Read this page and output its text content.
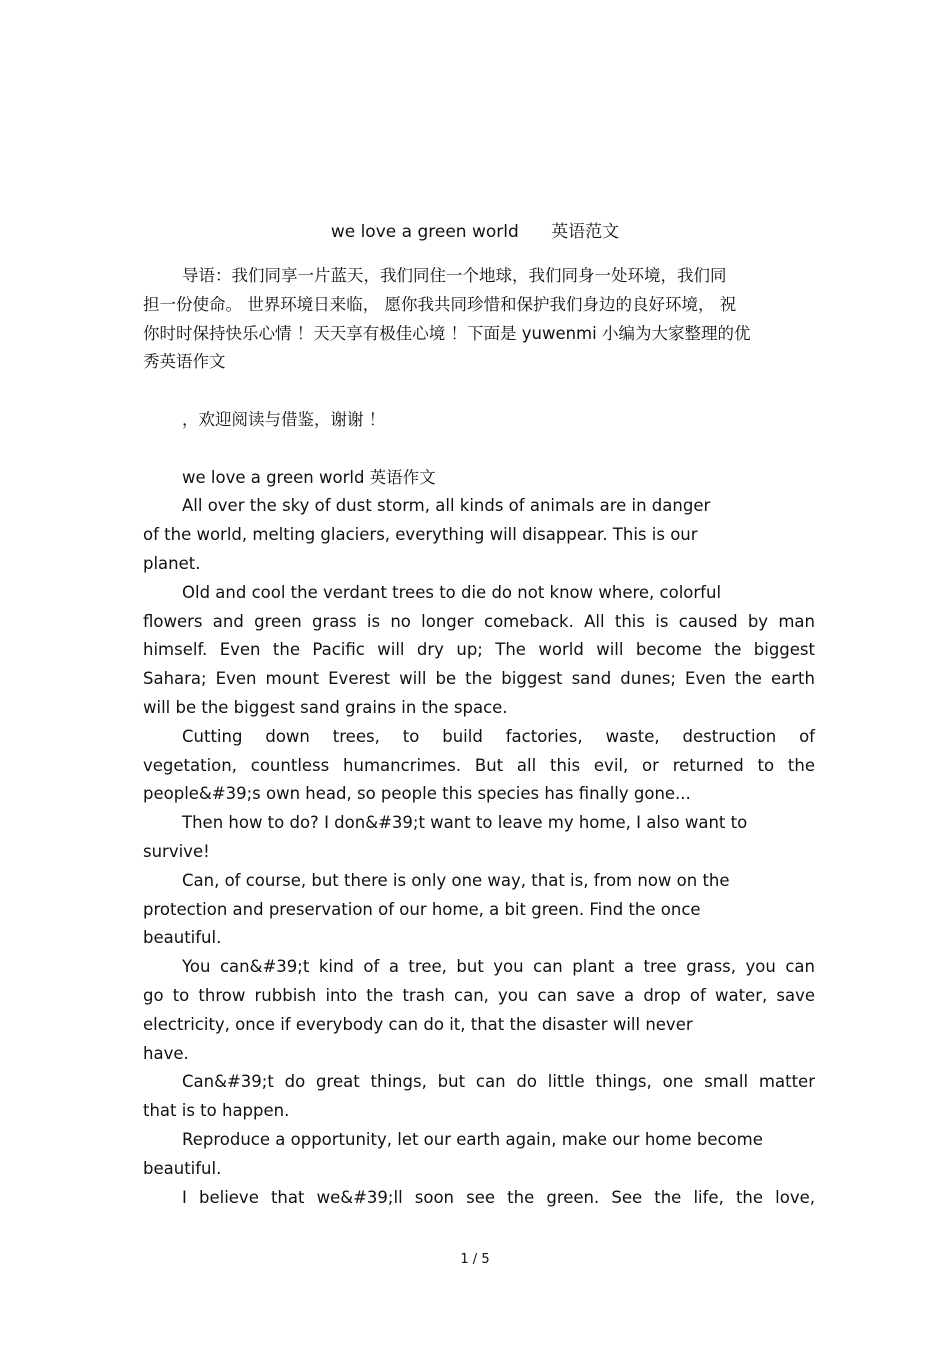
we love a green world      英语范文
导语：我们同享一片蓝天，我们同住一个地球，我们同身一处环境，我们同
担一份使命。 世界环境日来临， 愿你我共同珍惜和保护我们身边的良好环境， 祝
你时时保持快乐心情 ！天天享有极佳心境 ！下面是 yuwenmi 小编为大家整理的优
秀英语作文
，欢迎阅读与借鉴，谢谢 ！
we love a green world 英语作文
All over the sky of dust storm, all kinds of animals are in danger
of the world, melting glaciers, everything will disappear. This is our
planet.
Old and cool the verdant trees to die do not know where, colorful
flowers and green grass is no longer comeback. All this is caused by man
himself. Even the Pacific will dry up; The world will become the biggest
Sahara; Even mount Everest will be the biggest sand dunes; Even the earth
will be the biggest sand grains in the space.
Cutting down trees, to build factories, waste, destruction of
vegetation, countless humancrimes. But all this evil, or returned to the
people&#39;s own head, so people this species has finally gone...
Then how to do? I don&#39;t want to leave my home, I also want to
survive!
Can, of course, but there is only one way, that is, from now on the
protection and preservation of our home, a bit green. Find the once
beautiful.
You can&#39;t kind of a tree, but you can plant a tree grass, you can
go to throw rubbish into the trash can, you can save a drop of water, save
electricity, once if everybody can do it, that the disaster will never
have.
Can&#39;t do great things, but can do little things, one small matter
that is to happen.
Reproduce a opportunity, let our earth again, make our home become
beautiful.
I believe that we&#39;ll soon see the green. See the life, the love,
1 / 5
